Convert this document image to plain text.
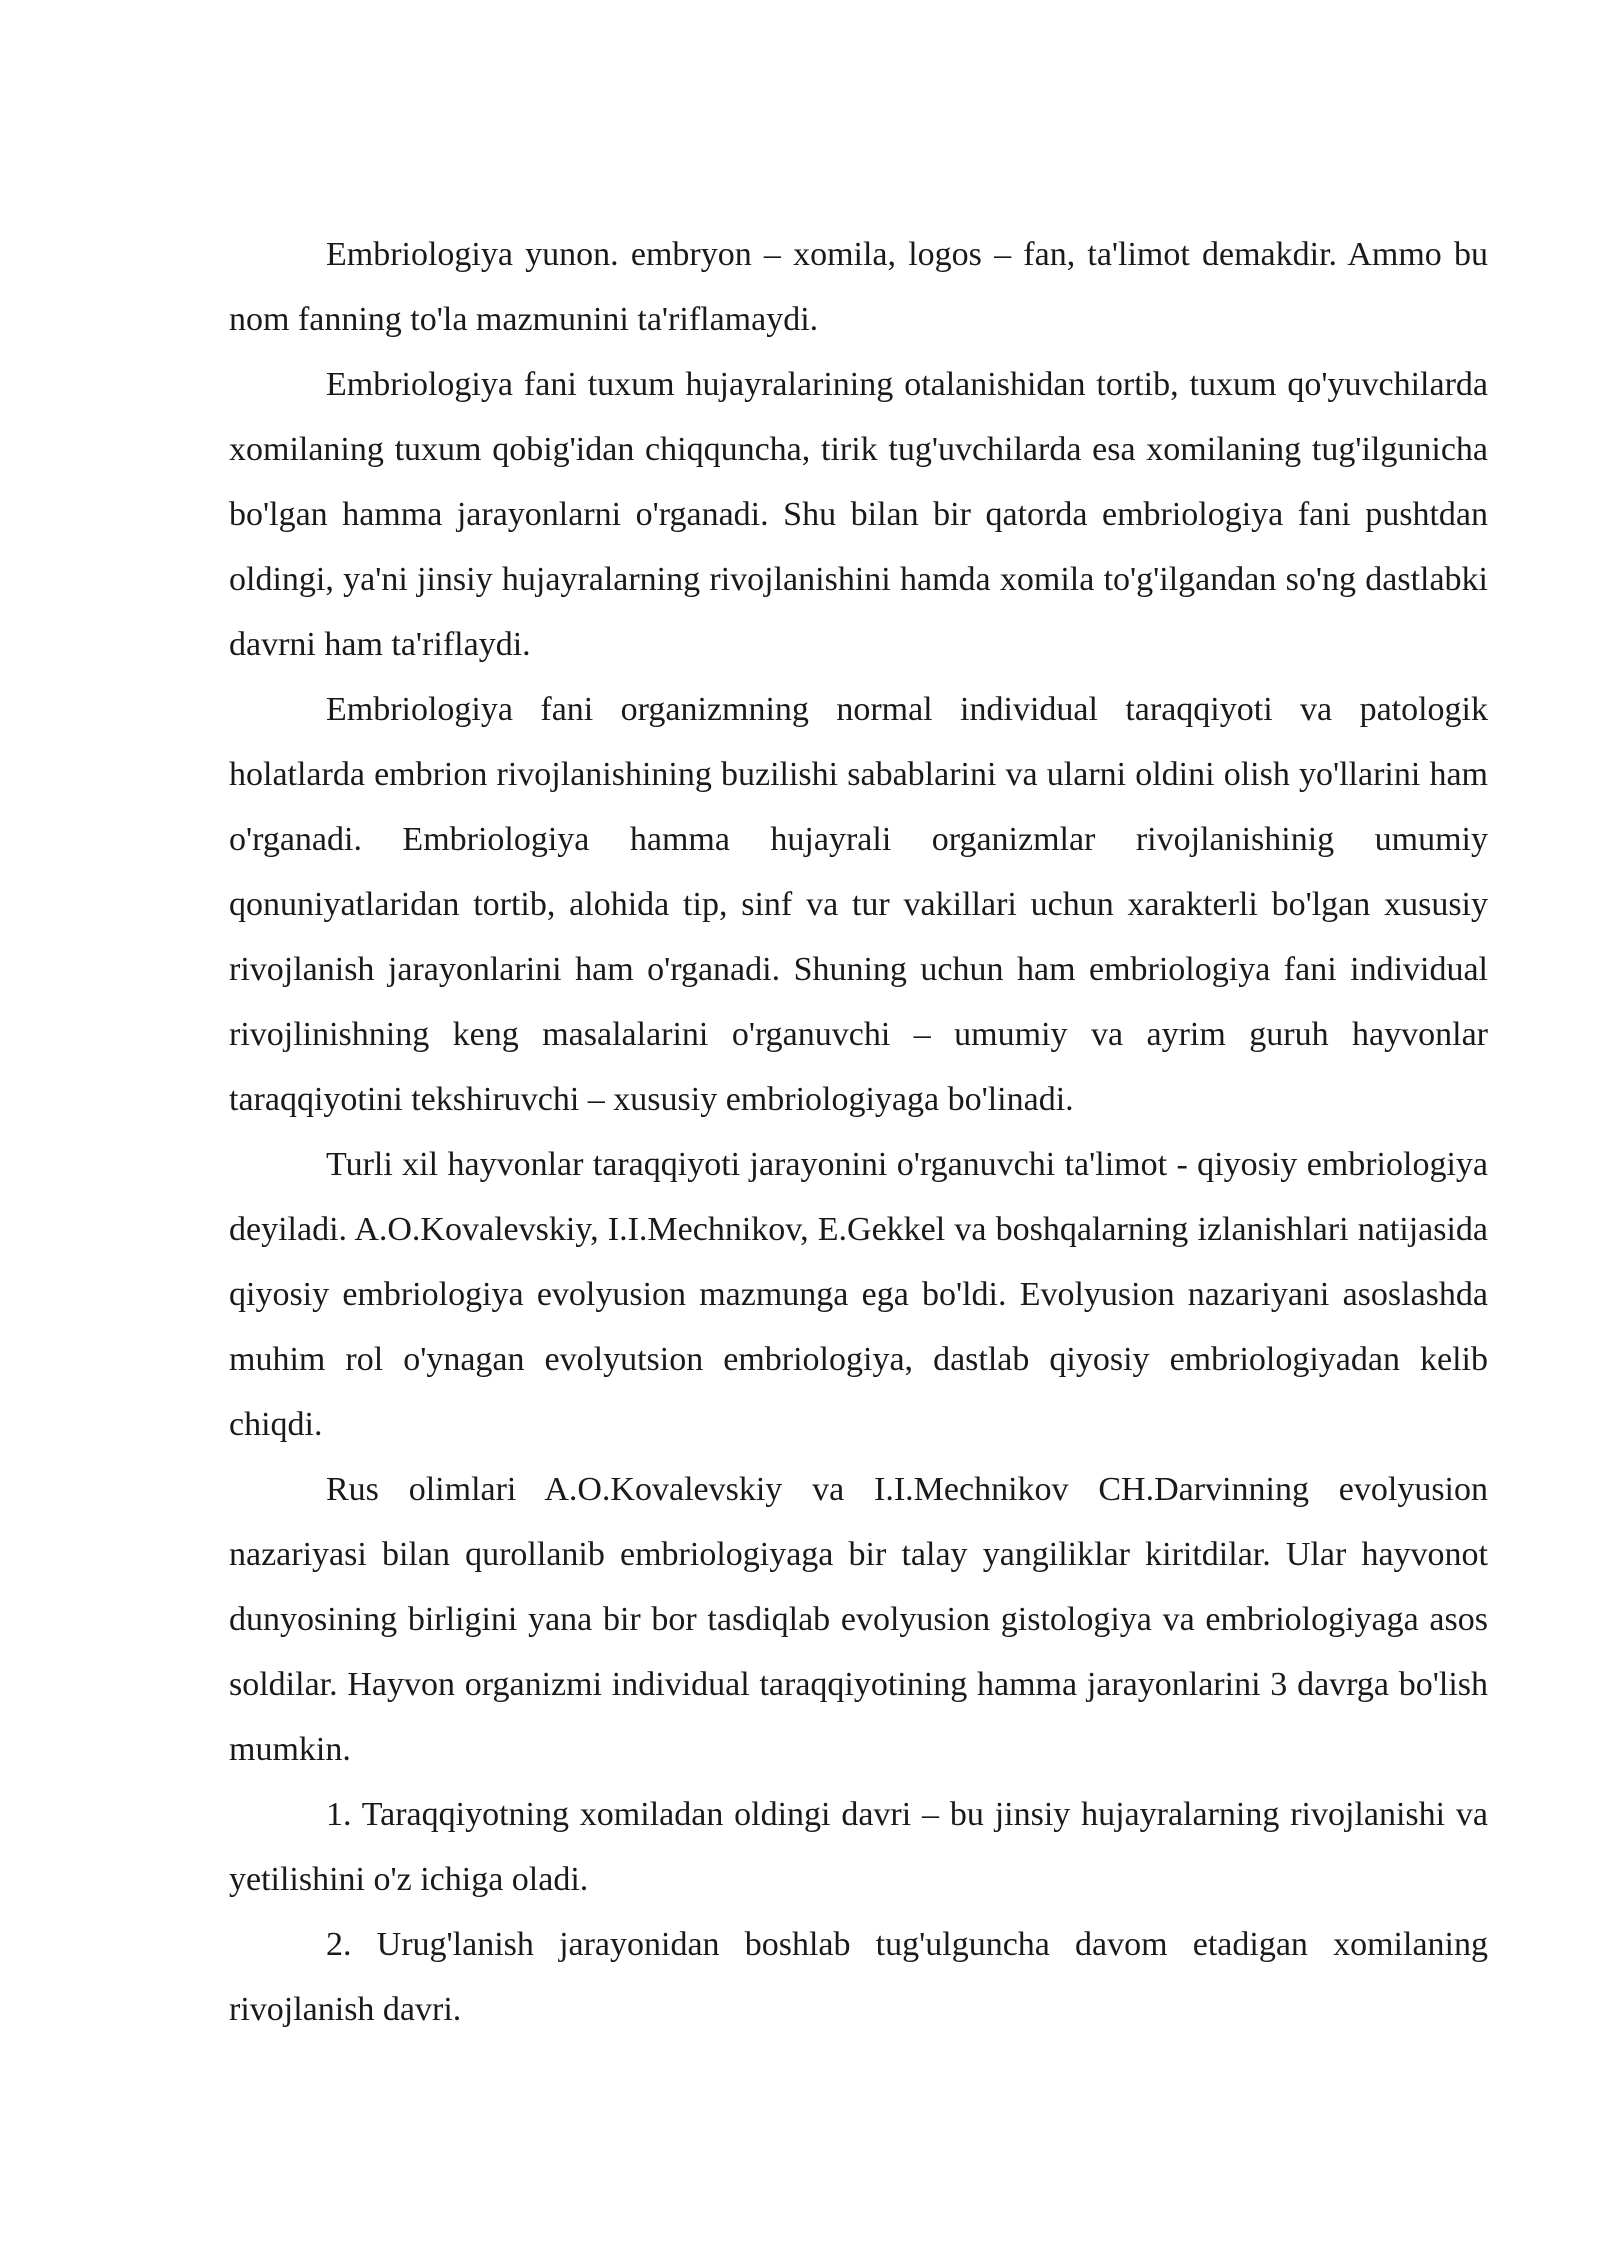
Embriologiya yunon. embryon – xomila, logos – fan, ta'limot demakdir. Ammo bu nom fanning to'la mazmunini ta'riflamaydi.

Embriologiya fani tuxum hujayralarining otalanishidan tortib, tuxum qo'yuvchilarda xomilaning tuxum qobig'idan chiqquncha, tirik tug'uvchilarda esa xomilaning tug'ilgunicha bo'lgan hamma jarayonlarni o'rganadi. Shu bilan bir qatorda embriologiya fani pushtdan oldingi, ya'ni jinsiy hujayralarning rivojlanishini hamda xomila to'g'ilgandan so'ng dastlabki davrni ham ta'riflaydi.

Embriologiya fani organizmning normal individual taraqqiyoti va patologik holatlarda embrion rivojlanishining buzilishi sabablarini va ularni oldini olish yo'llarini ham o'rganadi. Embriologiya hamma hujayrali organizmlar rivojlanishinig umumiy qonuniyatlaridan tortib, alohida tip, sinf va tur vakillari uchun xarakterli bo'lgan xususiy rivojlanish jarayonlarini ham o'rganadi. Shuning uchun ham embriologiya fani individual rivojlinishning keng masalalarini o'rganuvchi – umumiy va ayrim guruh hayvonlar taraqqiyotini tekshiruvchi – xususiy embriologiyaga bo'linadi.

Turli xil hayvonlar taraqqiyoti jarayonini o'rganuvchi ta'limot - qiyosiy embriologiya deyiladi. A.O.Kovalevskiy, I.I.Mechnikov, E.Gekkel va boshqalarning izlanishlari natijasida qiyosiy embriologiya evolyusion mazmunga ega bo'ldi. Evolyusion nazariyani asoslashda muhim rol o'ynagan evolyutsion embriologiya, dastlab qiyosiy embriologiyadan kelib chiqdi.

Rus olimlari A.O.Kovalevskiy va I.I.Mechnikov CH.Darvinning evolyusion nazariyasi bilan qurollanib embriologiyaga bir talay yangiliklar kiritdilar. Ular hayvonot dunyosining birligini yana bir bor tasdiqlab evolyusion gistologiya va embriologiyaga asos soldilar. Hayvon organizmi individual taraqqiyotining hamma jarayonlarini 3 davrga bo'lish mumkin.

1. Taraqqiyotning xomiladan oldingi davri – bu jinsiy hujayralarning rivojlanishi va yetilishini o'z ichiga oladi.

2. Urug'lanish jarayonidan boshlab tug'ulguncha davom etadigan xomilaning rivojlanish davri.
